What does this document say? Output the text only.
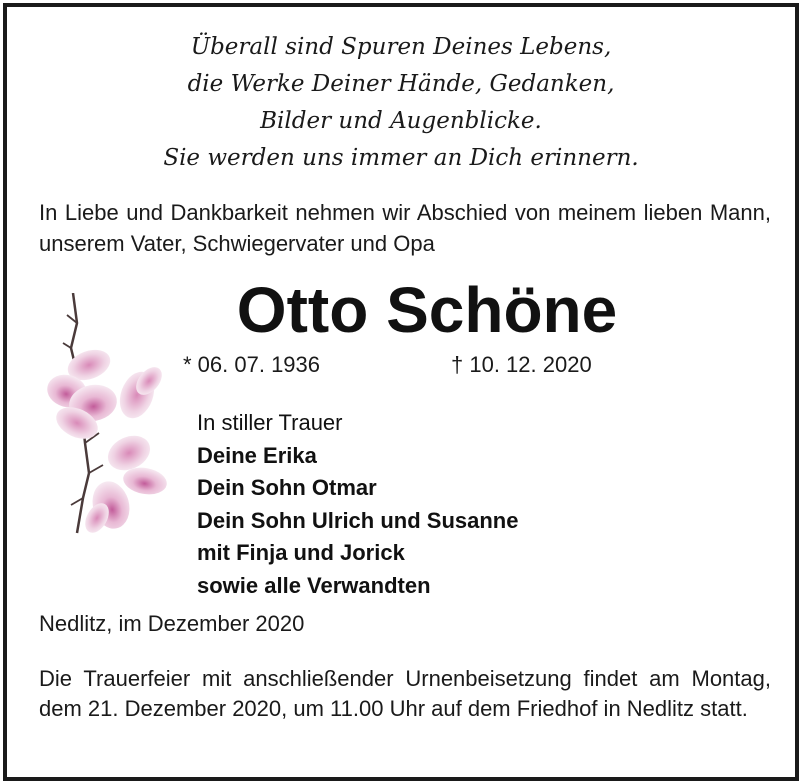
Überall sind Spuren Deines Lebens,
die Werke Deiner Hände, Gedanken,
Bilder und Augenblicke.
Sie werden uns immer an Dich erinnern.
In Liebe und Dankbarkeit nehmen wir Abschied von meinem lieben Mann, unserem Vater, Schwiegervater und Opa
Otto Schöne
* 06. 07. 1936	† 10. 12. 2020
In stiller Trauer
Deine Erika
Dein Sohn Otmar
Dein Sohn Ulrich und Susanne
mit Finja und Jorick
sowie alle Verwandten
Nedlitz, im Dezember 2020
Die Trauerfeier mit anschließender Urnenbeisetzung findet am Montag, dem 21. Dezember 2020, um 11.00 Uhr auf dem Friedhof in Nedlitz statt.
